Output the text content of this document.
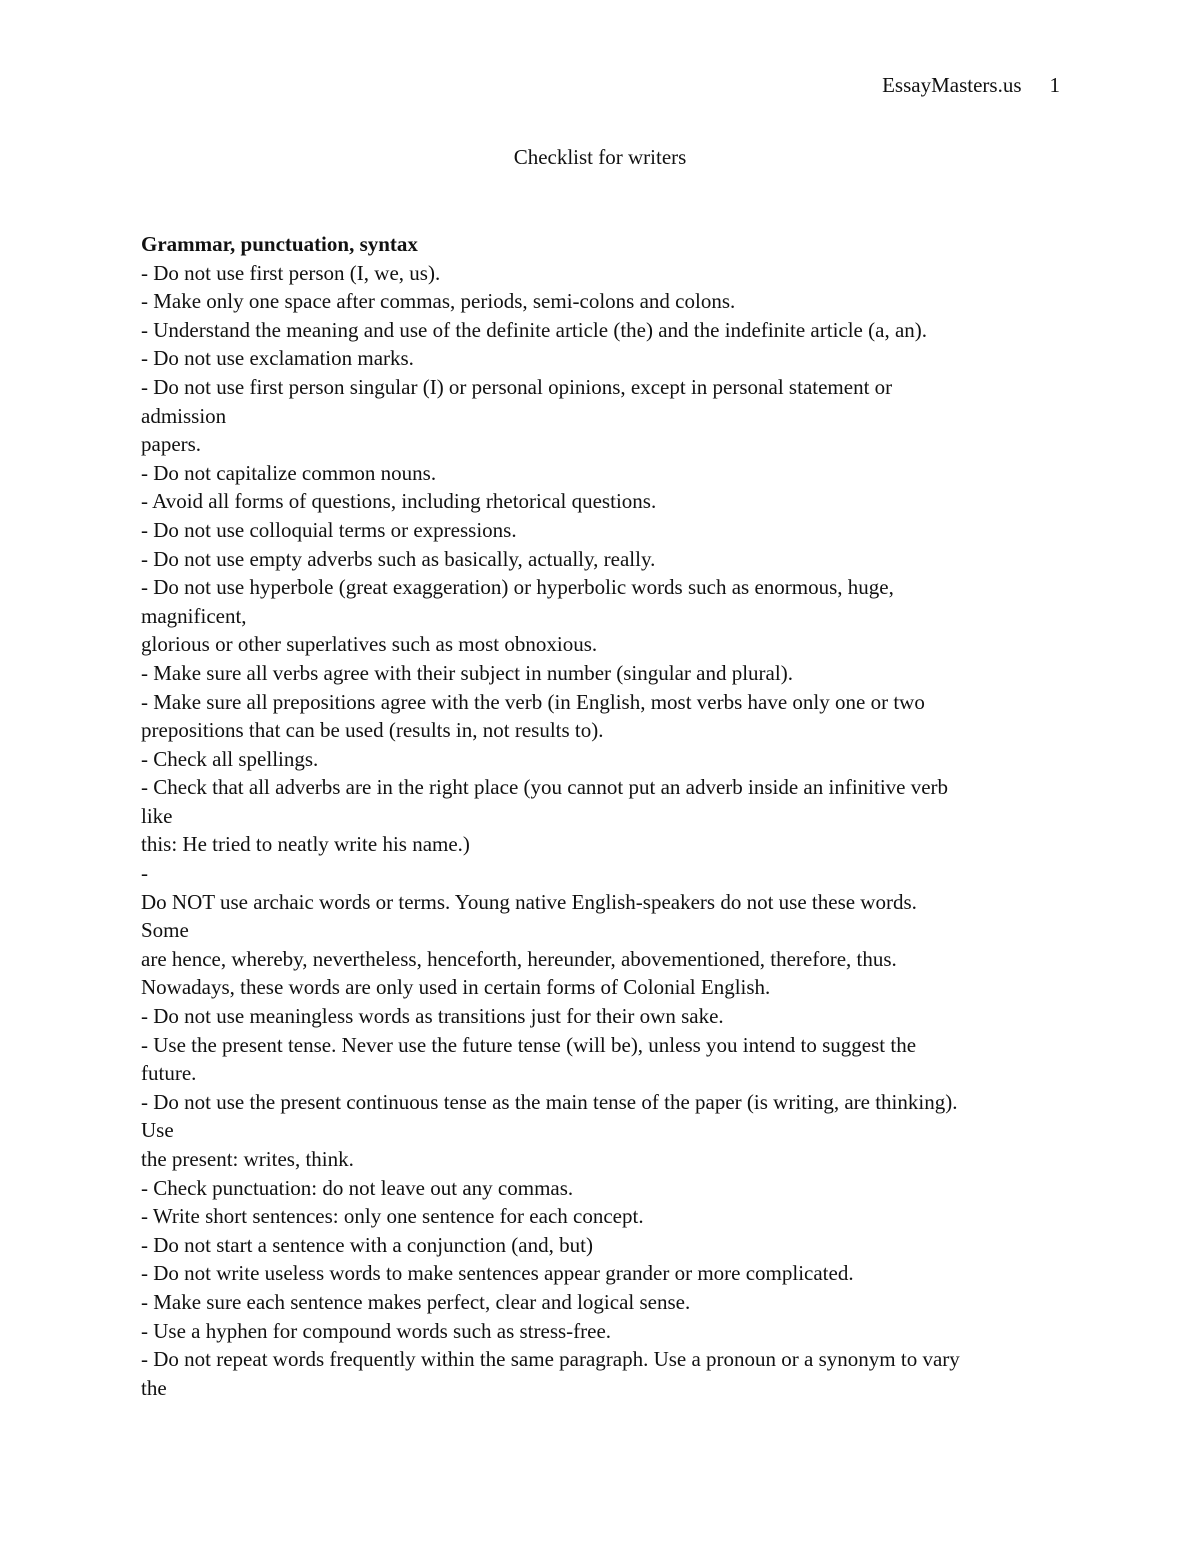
EssayMasters.us 1
Checklist for writers

Grammar, punctuation, syntax

- Do not use first person (I, we, us).
- Make only one space after commas, periods, semi-colons and colons.
- Understand the meaning and use of the definite article (the) and the indefinite article (a, an).
- Do not use exclamation marks.
- Do not use first person singular (I) or personal opinions, except in personal statement or
admission
papers.
- Do not capitalize common nouns.
- Avoid all forms of questions, including rhetorical questions.
- Do not use colloquial terms or expressions.
- Do not use empty adverbs such as basically, actually, really.
- Do not use hyperbole (great exaggeration) or hyperbolic words such as enormous, huge,
magnificent,
glorious or other superlatives such as most obnoxious.
- Make sure all verbs agree with their subject in number (singular and plural).
- Make sure all prepositions agree with the verb (in English, most verbs have only one or two
prepositions that can be used (results in, not results to).
- Check all spellings.
- Check that all adverbs are in the right place (you cannot put an adverb inside an infinitive verb
like
this: He tried to neatly write his name.)
-
Do NOT use archaic words or terms. Young native English-speakers do not use these words.
Some
are hence, whereby, nevertheless, henceforth, hereunder, abovementioned, therefore, thus.
Nowadays, these words are only used in certain forms of Colonial English.
- Do not use meaningless words as transitions just for their own sake.
- Use the present tense. Never use the future tense (will be), unless you intend to suggest the
future.
- Do not use the present continuous tense as the main tense of the paper (is writing, are thinking).
Use
the present: writes, think.
- Check punctuation: do not leave out any commas.
- Write short sentences: only one sentence for each concept.
- Do not start a sentence with a conjunction (and, but)
- Do not write useless words to make sentences appear grander or more complicated.
- Make sure each sentence makes perfect, clear and logical sense.
- Use a hyphen for compound words such as stress-free.
- Do not repeat words frequently within the same paragraph. Use a pronoun or a synonym to vary
the
